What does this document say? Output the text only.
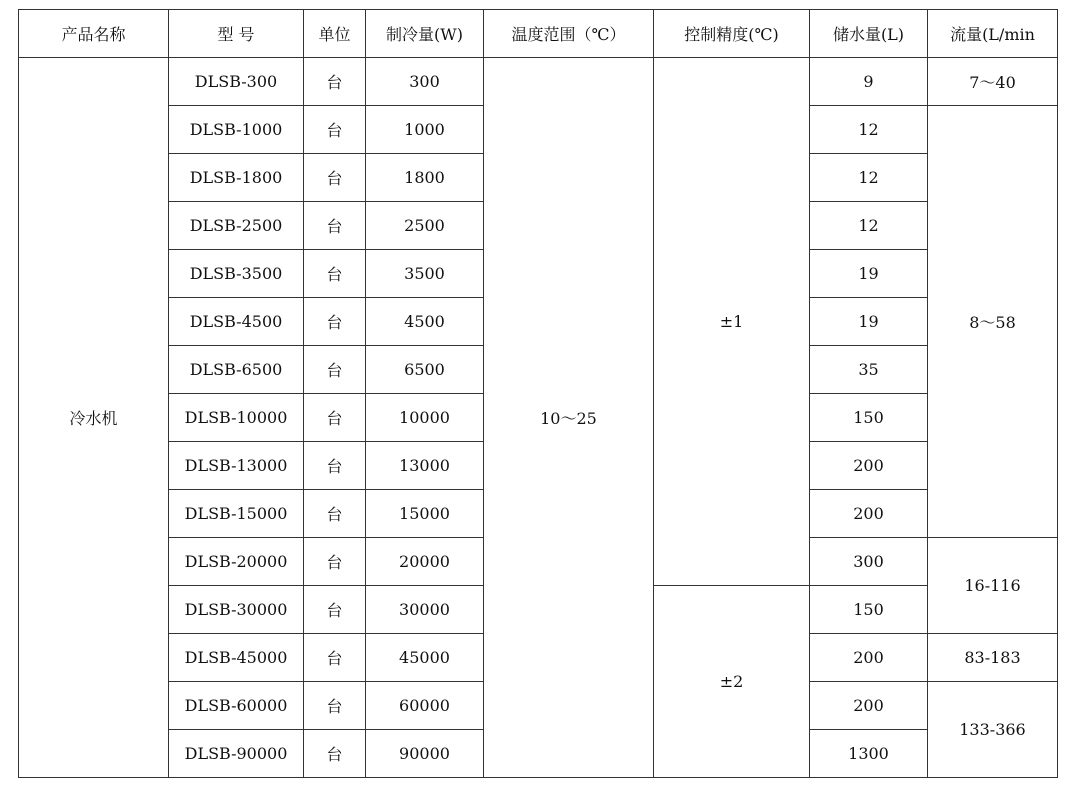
产品名称	型 号	单位	制冷量(W)	温度范围（℃）	控制精度(℃)	储水量(L)	流量(L/min
冷水机	DLSB-300	台	300	10～25	±1	9	7～40
	DLSB-1000	台	1000			12	8～58
	DLSB-1800	台	1800			12	
	DLSB-2500	台	2500			12	
	DLSB-3500	台	3500			19	
	DLSB-4500	台	4500			19	
	DLSB-6500	台	6500			35	
	DLSB-10000	台	10000			150	
	DLSB-13000	台	13000			200	
	DLSB-15000	台	15000			200	
	DLSB-20000	台	20000			300	16-116
	DLSB-30000	台	30000		±2	150	
	DLSB-45000	台	45000			200	83-183
	DLSB-60000	台	60000			200	133-366
	DLSB-90000	台	90000			1300	
